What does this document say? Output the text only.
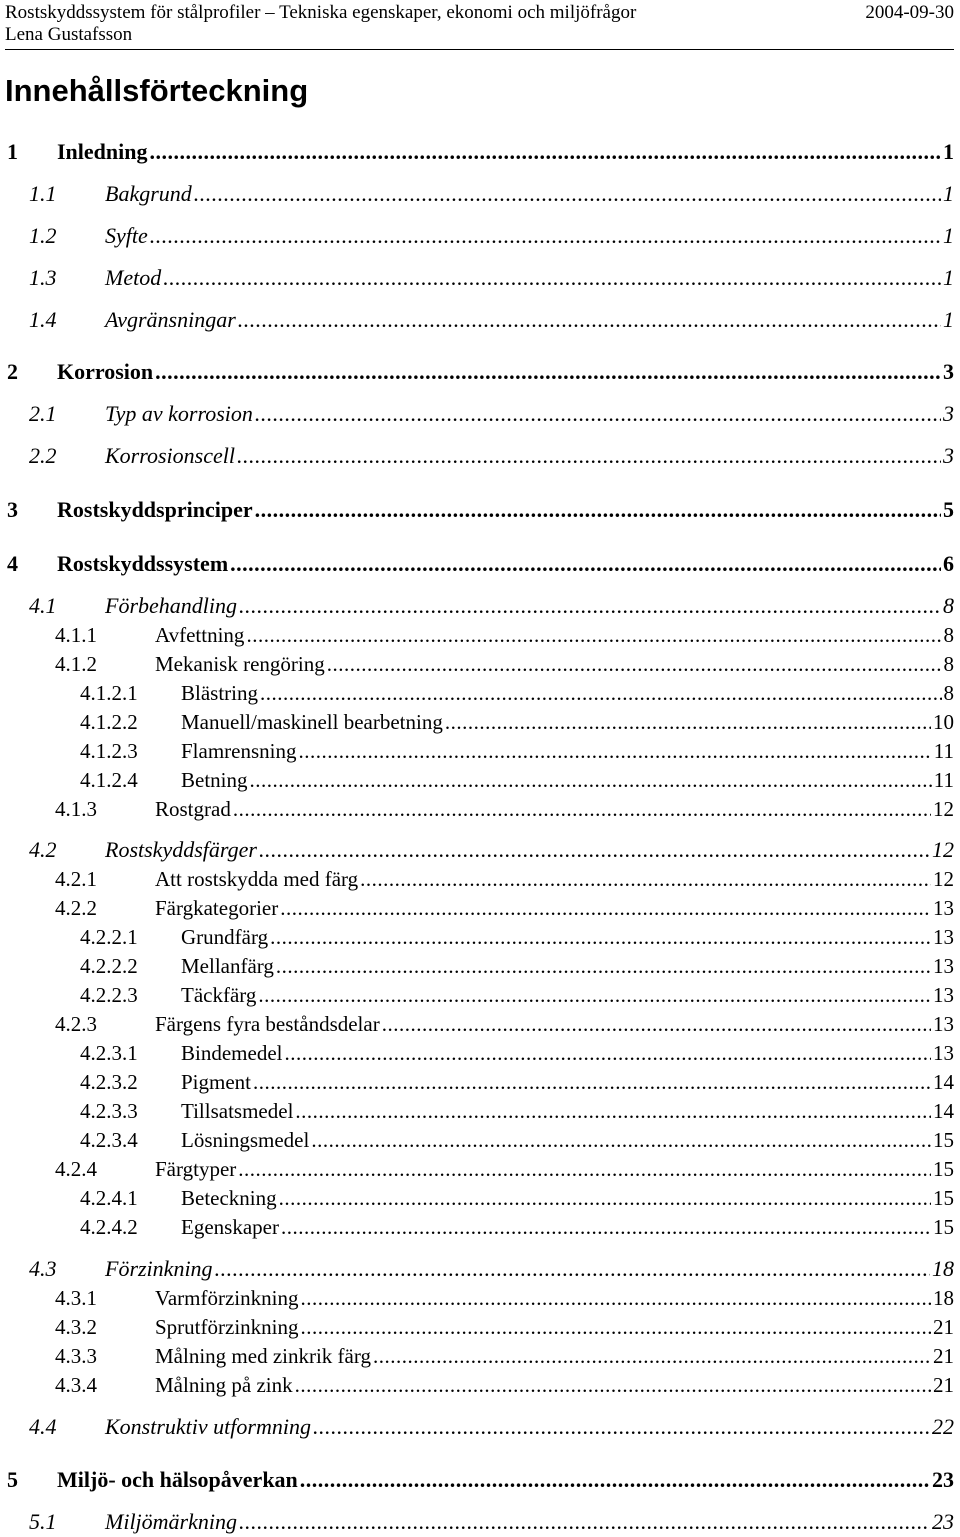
Rostskyddssystem för stålprofiler – Tekniska egenskaper, ekonomi och miljöfrågor	2004-09-30
Lena Gustafsson
Innehållsförteckning
1	Inledning .....	1
1.1	Bakgrund .....	1
1.2	Syfte .....	1
1.3	Metod .....	1
1.4	Avgränsningar .....	1
2	Korrosion .....	3
2.1	Typ av korrosion .....	3
2.2	Korrosionscell .....	3
3	Rostskyddsprinciper .....	5
4	Rostskyddssystem .....	6
4.1	Förbehandling .....	8
4.1.1	Avfettning .....	8
4.1.2	Mekanisk rengöring .....	8
4.1.2.1	Blästring .....	8
4.1.2.2	Manuell/maskinell bearbetning .....	10
4.1.2.3	Flamrensning .....	11
4.1.2.4	Betning .....	11
4.1.3	Rostgrad .....	12
4.2	Rostskyddsfärger .....	12
4.2.1	Att rostskydda med färg .....	12
4.2.2	Färgkategorier .....	13
4.2.2.1	Grundfärg .....	13
4.2.2.2	Mellanfärg .....	13
4.2.2.3	Täckfärg .....	13
4.2.3	Färgens fyra beståndsdelar .....	13
4.2.3.1	Bindemedel .....	13
4.2.3.2	Pigment .....	14
4.2.3.3	Tillsatsmedel .....	14
4.2.3.4	Lösningsmedel .....	15
4.2.4	Färgtyper .....	15
4.2.4.1	Beteckning .....	15
4.2.4.2	Egenskaper .....	15
4.3	Förzinkning .....	18
4.3.1	Varmförzinkning .....	18
4.3.2	Sprutförzinkning .....	21
4.3.3	Målning med zinkrik färg .....	21
4.3.4	Målning på zink .....	21
4.4	Konstruktiv utformning .....	22
5	Miljö- och hälsopåverkan .....	23
5.1	Miljömärkning .....	23
